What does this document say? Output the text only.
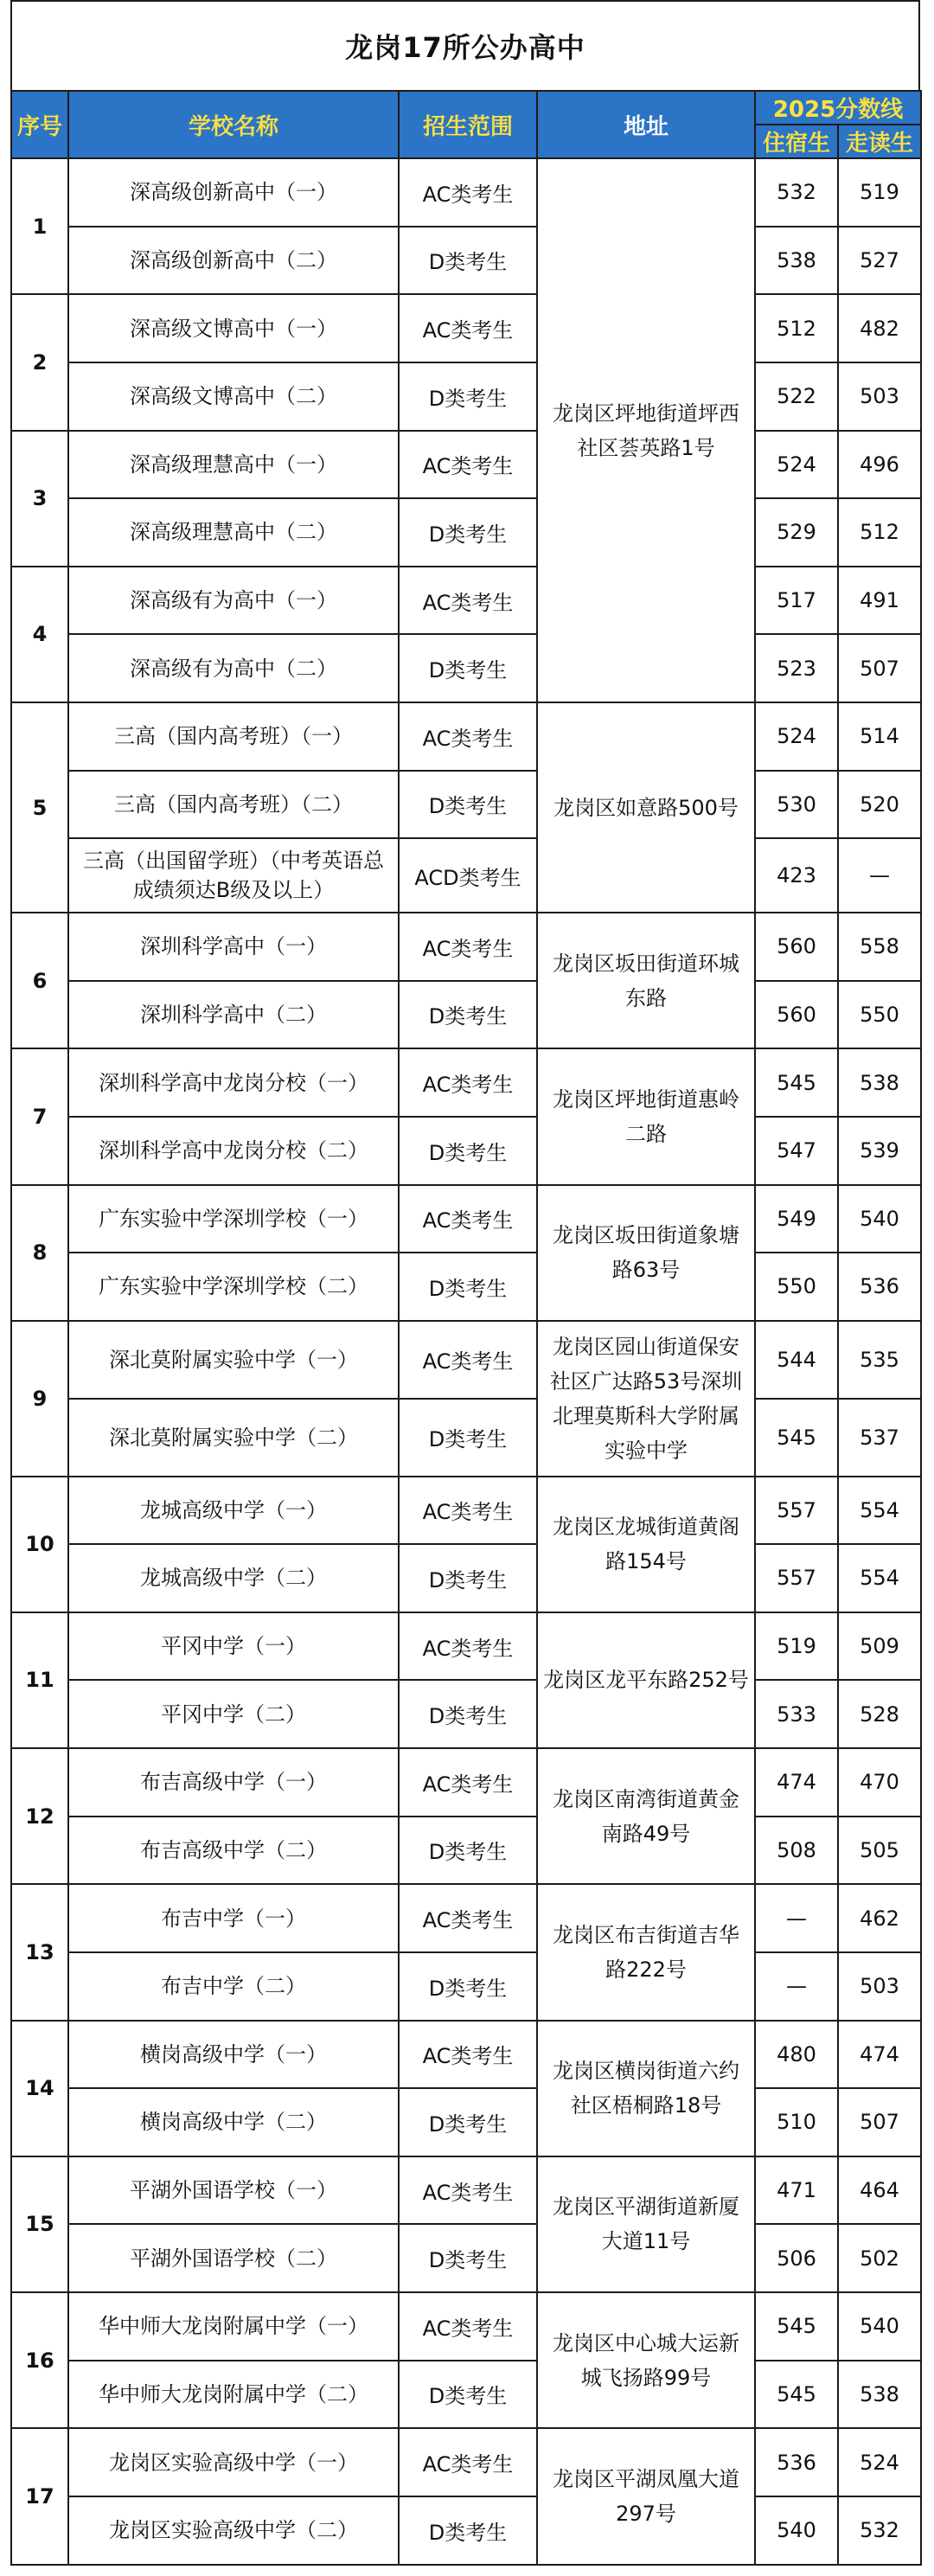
龙岗17所公办高中
序号	学校名称	招生范围	地址	2025分数线	
				住宿生	走读生
1	深高级创新高中（一）	AC类考生	龙岗区坪地街道坪西社区荟英路1号	532	519
	深高级创新高中（二）	D类考生		538	527
2	深高级文博高中（一）	AC类考生		512	482
	深高级文博高中（二）	D类考生		522	503
3	深高级理慧高中（一）	AC类考生		524	496
	深高级理慧高中（二）	D类考生		529	512
4	深高级有为高中（一）	AC类考生		517	491
	深高级有为高中（二）	D类考生		523	507
5	三高（国内高考班）（一）	AC类考生	龙岗区如意路500号	524	514
	三高（国内高考班）（二）	D类考生		530	520
	三高（出国留学班）（中考英语总成绩须达B级及以上）	ACD类考生		423	—
6	深圳科学高中（一）	AC类考生	龙岗区坂田街道环城东路	560	558
	深圳科学高中（二）	D类考生		560	550
7	深圳科学高中龙岗分校（一）	AC类考生	龙岗区坪地街道惠岭二路	545	538
	深圳科学高中龙岗分校（二）	D类考生		547	539
8	广东实验中学深圳学校（一）	AC类考生	龙岗区坂田街道象塘路63号	549	540
	广东实验中学深圳学校（二）	D类考生		550	536
9	深北莫附属实验中学（一）	AC类考生	龙岗区园山街道保安社区广达路53号深圳北理莫斯科大学附属实验中学	544	535
	深北莫附属实验中学（二）	D类考生		545	537
10	龙城高级中学（一）	AC类考生	龙岗区龙城街道黄阁路154号	557	554
	龙城高级中学（二）	D类考生		557	554
11	平冈中学（一）	AC类考生	龙岗区龙平东路252号	519	509
	平冈中学（二）	D类考生		533	528
12	布吉高级中学（一）	AC类考生	龙岗区南湾街道黄金南路49号	474	470
	布吉高级中学（二）	D类考生		508	505
13	布吉中学（一）	AC类考生	龙岗区布吉街道吉华路222号	—	462
	布吉中学（二）	D类考生		—	503
14	横岗高级中学（一）	AC类考生	龙岗区横岗街道六约社区梧桐路18号	480	474
	横岗高级中学（二）	D类考生		510	507
15	平湖外国语学校（一）	AC类考生	龙岗区平湖街道新厦大道11号	471	464
	平湖外国语学校（二）	D类考生		506	502
16	华中师大龙岗附属中学（一）	AC类考生	龙岗区中心城大运新城飞扬路99号	545	540
	华中师大龙岗附属中学（二）	D类考生		545	538
17	龙岗区实验高级中学（一）	AC类考生	龙岗区平湖凤凰大道297号	536	524
	龙岗区实验高级中学（二）	D类考生		540	532
